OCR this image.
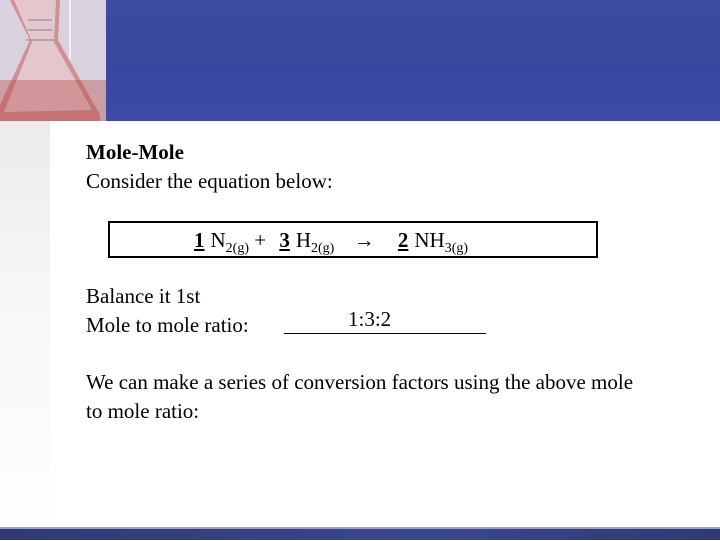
Mole-Mole
Consider the equation below:
1 $N_{2(g)} + 3$ $H_{2(g)} \to 2$ $NH_{3(g)}$
Balance it 1st
Mole to mole ratio:	1:3:2
We can make a series of conversion factors using the above mole to mole ratio:
